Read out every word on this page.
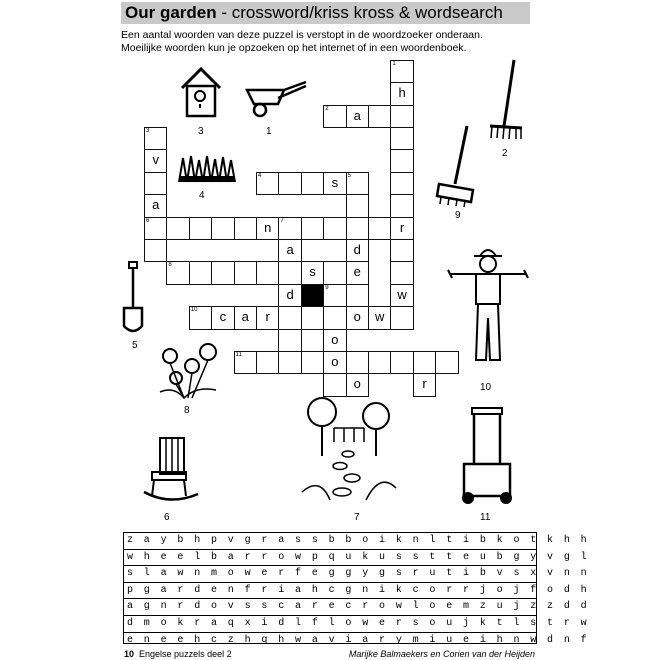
Our garden - crossword/kriss kross & wordsearch
Een aantal woorden van deze puzzel is verstopt in de woordzoeker onderaan.
Moeilijke woorden kun je opzoeken op het internet of in een woordenboek.
1
h
r
w
2	a
3
v
a
6
4	s	5
d
e
n	7
a
d
8	s
9
o
o
10	c	a	r	o	w
11
o	r
3	1
2
4
9
5
10
8
6	7	11
z a y b h p v g r a s s b b o i k n l t i b k o t k h h
w h e e l b a r r o w p q u k u s s t t e u b g y v g l
s l a w n m o w e r f e g g y g s r u t i b v s x v n n
p g a r d e n f r i a h c g n i k c o r r j o j f o d h
a g n r d o v s s c a r e c r o w l o e m z u j z z d d
d m o k r a q x i d l f l o w e r s o u j k t l s t r w
e n e e h c z h q h w a v i a r y m i u e i h n w d n f
10 Engelse puzzels deel 2	Marijke Balmaekers en Corien van der Heijden
